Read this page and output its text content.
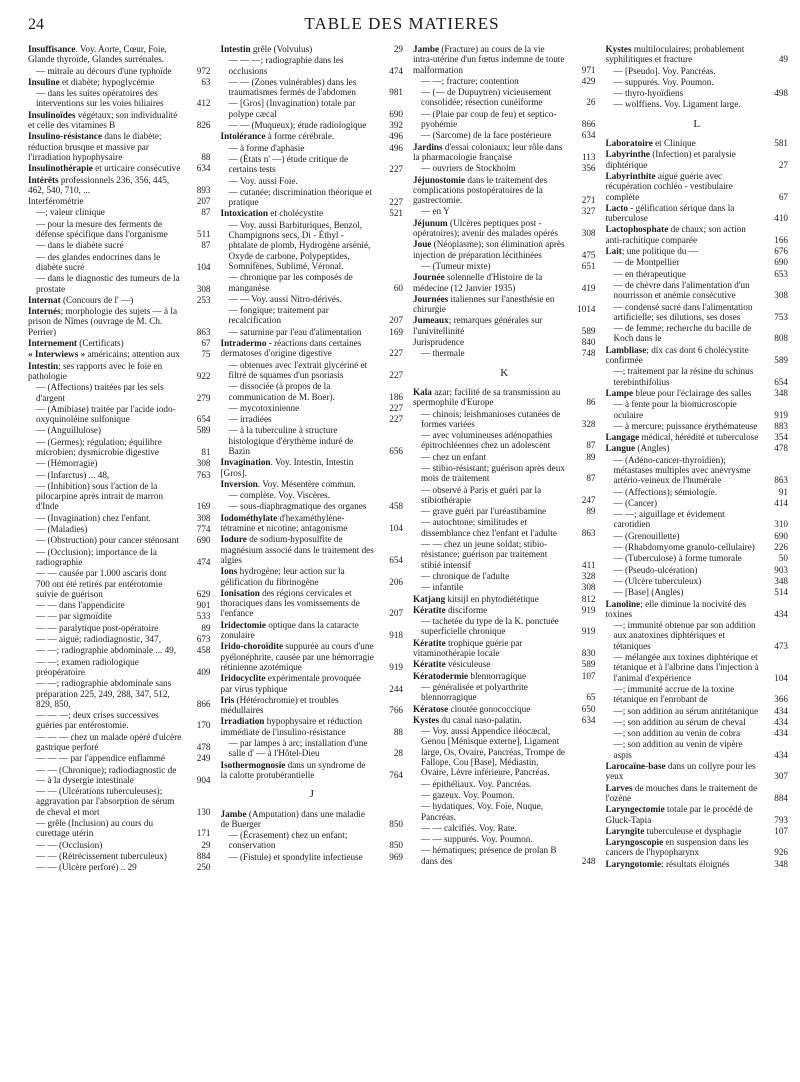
24	TABLE DES MATIERES
Insuffisance. Voy. Aorte, Cœur, Foie, Glande thyroïde, Glandes surrénales.
— mitrale au décours d'une typhoïde	972
Insuline et diabète; hypoglycémie	63
— dans les suites opératoires des interventions sur les voies biliaires	412
Insulinoïdes végétaux; son individualité et celle des vitamines B	826
Insulino-résistance dans le diabète; réduction brusque et massive par l'irradiation hypophysaire	88
Insulinothérapie et urticaire consécutive	634
Intérêts professionnels 236, 356, 445, 462, 540, 710, ...	893
Interférométrie	207
—; valeur clinique	87
— pour la mesure des ferments de défense spécifique dans l'organisme	511
— dans le diabète sucré	87
— des glandes endocrines dans le diabète sucré	104
— dans le diagnostic des tumeurs de la prostate	308
Internat (Concours de l' —)	253
Internés; morphologie des sujets — à la prison de Nîmes (ouvrage de M. Ch. Perrier)	863
Internement (Certificats)	67
« Interwiews » américains; attention aux	75
Intestin; ses rapports avec le foie en pathologie	922
— (Affections) traitées par les sels d'argent	279
— (Amibiase) traitée par l'acide iodo-oxyquinoléine sulfonique	654
— (Anguillulose)	589
— (Germes); régulation; équilibre microbien; dysmicrobie digestive	81
— (Hémorragie)	308
— (Infarctus) ... 48,	763
— (Inhibition) sous l'action de la pilocarpine après intrait de marron d'Inde	169
— (Invagination) chez l'enfant.	308
— (Maladies)	774
— (Obstruction) pour cancer sténosant	690
— (Occlusion); importance de la radiographie	474
— — causée par 1.000 ascaris dont 700 ont été retirés par entérotomie suivie de guérison	629
— — dans l'appendicite	901
— — par sigmoïdite	533
— — paralytique post-opératoire	89
— — aiguë; radiodiagnostic, 347,	673
— —; radiographie abdominale ... 49,	458
— —; examen radiologique préopératoire	409
— —; radiographie abdominale sans préparation 225, 249, 288, 347, 512, 829, 850,	866
— — —; deux crises successives guéries par entérostomie.	170
— — — chez un malade opéré d'ulcère gastrique perforé	478
— — — par l'appendice enflammé	249
— — (Chronique); radiodiagnostic de — à la dysergie intestinale	904
— — (Ulcérations tuberculeuses); aggravation par l'absorption de sérum de cheval et mort	130
— grêle (Inclusion) au cours du curettage utérin	171
— — (Occlusion)	29
— — (Rétrécissement tuberculeux)	884
— — (Ulcère perforé) .. 29	250
Intestin grêle (Volvulus)	29
— — —; radiographie dans les occlusions	474
— — (Zones vulnérables) dans les traumatismes fermés de l'abdomen	981
— [Gros] (Invagination) totale par polype cæcal	690
— — (Muqueux); étude radiologique	392
Intolérance à forme cérébrale.	496
— à forme d'aphasie	496
— (États n' —) étude critique de certains tests	227
— Voy. aussi Foie.
— cutanée; discrimination théorique et pratique	227
Intoxication et cholécystite	521
— Voy. aussi Barbituriques, Benzol, Champignons secs, Di - Éthyl - phtalate de plomb, Hydrogène arsénié, Oxyde de carbone, Polypeptides, Somnifènes, Sublimé, Véronal.
— chronique par les composés de manganèse	60
— — Voy. aussi Nitro-dérivés.
— fongique; traitement par recalcification	207
— saturnine par l'eau d'alimentation	169
Intradermo - réactions dans certaines dermatoses d'origine digestive	227
— obtenues avec l'extrait glycériné et filtré de squames d'un psoriasis	227
— dissociée (à propos de la communication de M. Boer).	186
— mycotoxinienne	227
— irradiées	227
— à la tuberculine à structure histologique d'érythème induré de Bazin	656
Invagination. Voy. Intestin, Intestin [Gros].
Inversion. Voy. Mésentère commun.
— complète. Voy. Viscères.
— sous-diaphragmatique des organes	458
Iodométhylate d'hexaméthylène-tétramine et nicotine; antagonisme	104
Iodure de sodium-hyposulfite de magnésium associé dans le traitement des algies	654
Ions hydrogène; leur action sur la gélification du fibrinogène	206
Ionisation des régions cervicales et thoraciques dans les vomissements de l'enfance	207
Iridectomie optique dans la cataracte zonulaire	918
Irido-choroïdite suppurée au cours d'une pyélonéphrite, causée par une hémorragie rétinienne azotémique	919
Iridocyclite expérimentale provoquée par virus typhique	244
Iris (Hétérochromie) et troubles médullaires	766
Irradiation hypophysaire et réduction immédiate de l'insulino-résistance	88
— par lampes à arc; installation d'une salle d' — à l'Hôtel-Dieu	28
Isothermognosie dans un syndrome de la calotte protubérantielle	764
J
Jambe (Amputation) dans une maladie de Buerger	850
— (Écrasement) chez un enfant; conservation	850
— (Fistule) et spondylite infectieuse	969
Jambe (Fracture) au cours de la vie intra-utérine d'un fœtus indemne de toute malformation	971
— —; fracture; contention	429
— (— de Dupuytren) vicieusement consolidée; résection cunéiforme	26
— (Plaie par coup de feu) et septico-pyohémie	866
— (Sarcome) de la face postérieure	634
Jardins d'essai coloniaux; leur rôle dans la pharmacologie française	113
— ouvriers de Stockholm	356
Jéjunostomie dans le traitement des complications postopératoires de la gastrectomie.	271
— en Y	327
Jéjunum (Ulcères peptiques post - opératoires); avenir des malades opérés	308
Joue (Néoplasme); son élimination après injection de préparation lécithinées	475
— (Tumeur mixte)	651
Journée solennelle d'Histoire de la médecine (12 Janvier 1935)	419
Journées italiennes sur l'anesthésie en chirurgie	1014
Jumeaux; remarques générales sur l'univitellinité	589
Jurisprudence	840
— thermale	748
K
Kala azar; facilité de sa transmission au spermophile d'Europe	86
— chinois; leishmanioses cutanées de formes variées	328
— avec volumineuses adénopathies épitrochléennes chez un adolescent	87
— chez un enfant	89
— stibio-résistant; guérison après deux mois de traitement	87
— observé à Paris et guéri par la stibiothérapie	247
— grave guéri par l'uréastibamine	89
— autochtone; similitudes et dissemblance chez l'enfant et l'adulte	863
— — chez un jeune soldat; stibio-résistance; guérison par traitement stibié intensif	411
— chronique de l'adulte	328
— infantile	308
Katjang kitsijl en phytodiététique	812
Kératite disciforme	919
— tachetée du type de la K. ponctuée superficielle chronique	919
Kératite trophique guérie par vitaminothérapie locale	830
Kératite vésiculeuse	589
Kératodermie blennorragique	107
— généralisée et polyarthrite blennorragique	65
Kératose cloutée gonococcique	650
Kystes du canal naso-palatin.	634
— Voy. aussi Appendice iléocæcal, Genou [Ménisque externe], Ligament large, Os, Ovaire, Pancréas, Trompe de Fallope, Cou [Base], Médiastin, Ovaire, Lèvre inférieure, Pancréas.
— épithéliaux. Voy. Pancréas.
— gazeux. Voy. Poumon.
— hydatiques. Voy. Foie, Nuque, Pancréas.
— — calcifiés. Voy. Rate.
— — suppurés. Voy. Poumon.
— hématiques; présence de prolan B dans des	248
Kystes multiloculaires; probablement syphilitiques et fracture	49
— [Pseudo]. Voy. Pancréas.
— suppurés. Voy. Poumon.
— thyro-hyoïdiens	498
— wolffiens. Voy. Ligament large.
L
Laboratoire et Clinique	581
Labyrinthe (Infection) et paralysie diphtérique	27
Labyrinthite aiguë guérie avec récupération cochléo - vestibulaire complète	67
Lacto - gélification sérique dans la tuberculose	410
Lactophosphate de chaux; son action anti-rachitique comparée	166
Lait; une politique du —	676
— de Montpellier	690
— en thérapeutique	653
— de chèvre dans l'alimentation d'un nourrisson et anémie consécutive	308
— condensé sucré dans l'alimentation artificielle; ses dilutions, ses doses	753
— de femme; recherche du bacille de Koch dans le	808
Lambliase; dix cas dont 6 cholécystite confirmée	589
—; traitement par la résine du schinus terebinthifolius	654
Lampe bleue pour l'éclairage des salles	348
— à fente pour la biomicroscopie oculaire	919
— à mercure; puissance érythémateuse	883
Langage médical, hérédité et tuberculose	354
Langue (Angles)	478
— (Adéno-cancer-thyroïdien); métastases multiples avec anévrysme artério-veineux de l'humérale	863
— (Affections); sémiologie.	91
— (Cancer)	414
— —; aiguillage et évidement carotidien	310
— (Grenouillette)	690
— (Rhabdomyome granulo-cellulaire)	226
— (Tuberculose) à forme tumorale	50
— (Pseudo-ulcération)	903
— (Ulcère tuberculeux)	348
— [Base] (Angles)	514
Lanoline; elle diminue la nocivité des toxines	434
—; immunité obtenue par son addition aux anatoxines diphtériques et tétaniques	473
— mélangée aux toxines diphtérique et tétanique et à l'albrine dans l'injection à l'animal d'expérience	104
—; immunité accrue de la toxine tétanique en l'enrobant de	366
—; son addition au sérum antitétanique	434
—; son addition au sérum de cheval	434
—; son addition au venin de cobra	434
—; son addition au venin de vipère aspis	434
Larocaïne-base dans un collyre pour les yeux	307
Larves de mouches dans le traitement de l'ozène	884
Laryngectomie totale par le procédé de Gluck-Tapia	793
Laryngite tuberculeuse et dysphagie	107
Laryngoscopie en suspension dans les cancers de l'hypopharynx	926
Laryngotomie; résultats éloignés	348
